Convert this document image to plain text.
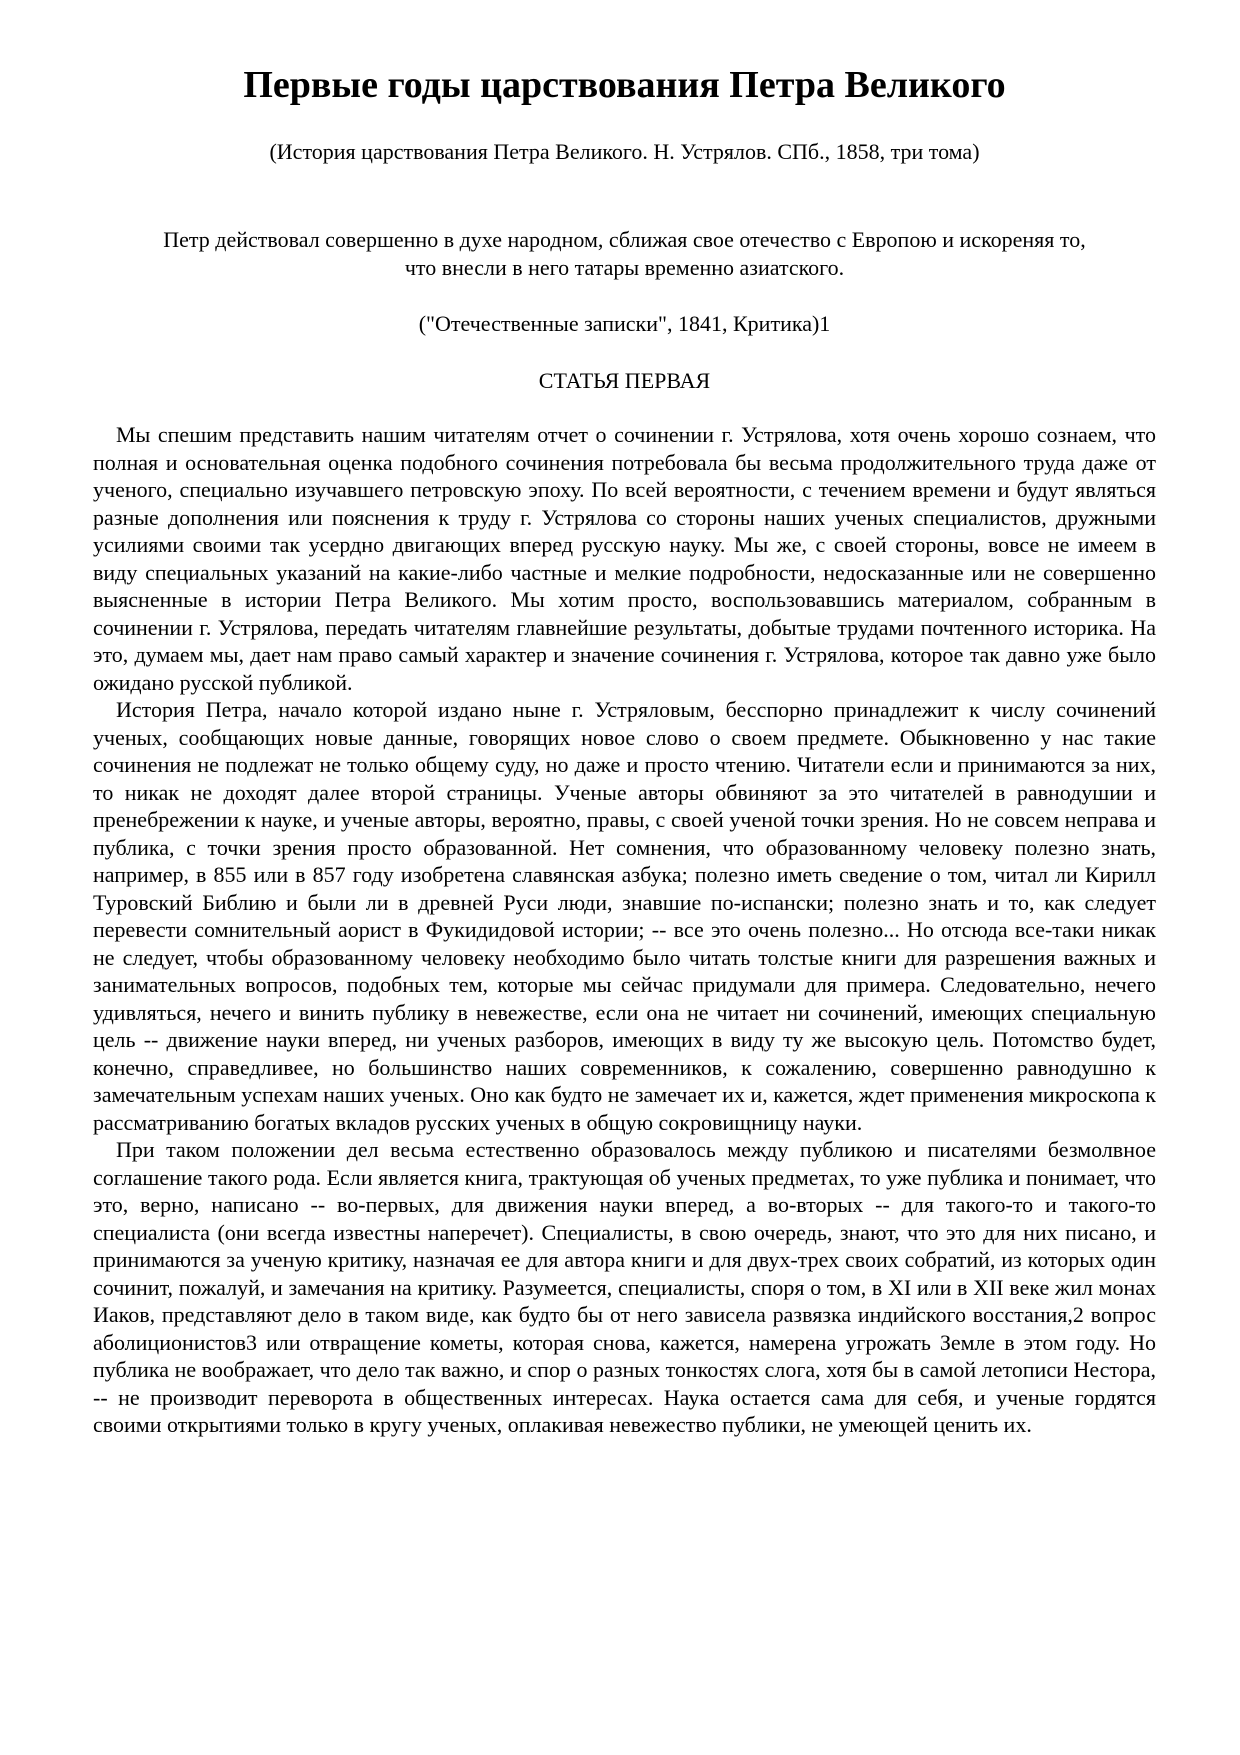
Первые годы царствования Петра Великого

(История царствования Петра Великого. Н. Устрялов. СПб., 1858, три тома)

Петр действовал совершенно в духе народном, сближая свое отечество с Европою и искореняя то,
что внесли в него татары временно азиатского.

("Отечественные записки", 1841, Критика)1

СТАТЬЯ ПЕРВАЯ

Мы спешим представить нашим читателям отчет о сочинении г. Устрялова, хотя очень хорошо сознаем, что полная и основательная оценка подобного сочинения потребовала бы весьма продолжительного труда даже от ученого, специально изучавшего петровскую эпоху. По всей вероятности, с течением времени и будут являться разные дополнения или пояснения к труду г. Устрялова со стороны наших ученых специалистов, дружными усилиями своими так усердно двигающих вперед русскую науку. Мы же, с своей стороны, вовсе не имеем в виду специальных указаний на какие-либо частные и мелкие подробности, недосказанные или не совершенно выясненные в истории Петра Великого. Мы хотим просто, воспользовавшись материалом, собранным в сочинении г. Устрялова, передать читателям главнейшие результаты, добытые трудами почтенного историка. На это, думаем мы, дает нам право самый характер и значение сочинения г. Устрялова, которое так давно уже было ожидано русской публикой.

История Петра, начало которой издано ныне г. Устряловым, бесспорно принадлежит к числу сочинений ученых, сообщающих новые данные, говорящих новое слово о своем предмете. Обыкновенно у нас такие сочинения не подлежат не только общему суду, но даже и просто чтению. Читатели если и принимаются за них, то никак не доходят далее второй страницы. Ученые авторы обвиняют за это читателей в равнодушии и пренебрежении к науке, и ученые авторы, вероятно, правы, с своей ученой точки зрения. Но не совсем неправа и публика, с точки зрения просто образованной. Нет сомнения, что образованному человеку полезно знать, например, в 855 или в 857 году изобретена славянская азбука; полезно иметь сведение о том, читал ли Кирилл Туровский Библию и были ли в древней Руси люди, знавшие по-испански; полезно знать и то, как следует перевести сомнительный аорист в Фукидидовой истории; -- все это очень полезно... Но отсюда все-таки никак не следует, чтобы образованному человеку необходимо было читать толстые книги для разрешения важных и занимательных вопросов, подобных тем, которые мы сейчас придумали для примера. Следовательно, нечего удивляться, нечего и винить публику в невежестве, если она не читает ни сочинений, имеющих специальную цель -- движение науки вперед, ни ученых разборов, имеющих в виду ту же высокую цель. Потомство будет, конечно, справедливее, но большинство наших современников, к сожалению, совершенно равнодушно к замечательным успехам наших ученых. Оно как будто не замечает их и, кажется, ждет применения микроскопа к рассматриванию богатых вкладов русских ученых в общую сокровищницу науки.

При таком положении дел весьма естественно образовалось между публикою и писателями безмолвное соглашение такого рода. Если является книга, трактующая об ученых предметах, то уже публика и понимает, что это, верно, написано -- во-первых, для движения науки вперед, а во-вторых -- для такого-то и такого-то специалиста (они всегда известны наперечет). Специалисты, в свою очередь, знают, что это для них писано, и принимаются за ученую критику, назначая ее для автора книги и для двух-трех своих собратий, из которых один сочинит, пожалуй, и замечания на критику. Разумеется, специалисты, споря о том, в XI или в XII веке жил монах Иаков, представляют дело в таком виде, как будто бы от него зависела развязка индийского восстания,2 вопрос аболиционистов3 или отвращение кометы, которая снова, кажется, намерена угрожать Земле в этом году. Но публика не воображает, что дело так важно, и спор о разных тонкостях слога, хотя бы в самой летописи Нестора, -- не производит переворота в общественных интересах. Наука остается сама для себя, и ученые гордятся своими открытиями только в кругу ученых, оплакивая невежество публики, не умеющей ценить их.
